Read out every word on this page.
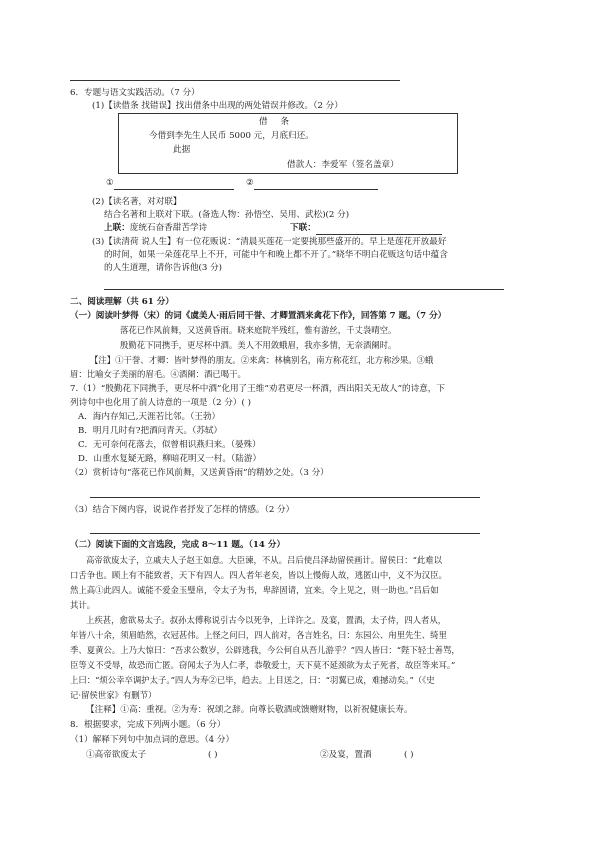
6．专题与语文实践活动。（7 分）
(1)【读借条 找错误】找出借条中出现的两处错误并修改。（2 分）
借 条
今借到李先生人民币 5000 元，月底归还。
此据
借款人：李爱军（签名盖章）
①	②
(2)【读名著，对对联】
结合名著和上联对下联。(备选人物：孙悟空、吴用、武松)(2 分)
上联：庞统石奋香甜苦学诗	下联：
(3)【读清荷 说人生】有一位花贩说：“清晨买莲花一定要挑那些盛开的。早上是莲花开放最好
的时间，如果一朵莲花早上不开，可能中午和晚上都不开了。”晓华不明白花贩这句话中蕴含
的人生道理，请你告诉他(3 分)
二、阅读理解（共 61 分）
（一）阅读叶梦得（宋）的词《虞美人·雨后同干誉、才卿置酒来禽花下作》，回答第 7 题。（7 分）
落花已作风前舞，又送黄昏雨。晓来庭院半残红，惟有游丝，千丈袅晴空。
殷勤花下同携手，更尽杯中酒。美人不用敛蛾眉，我亦多情，无奈酒阑时。
【注】①干誉、才卿：皆叶梦得的朋友。②来禽：林檎别名，南方称花红，北方称沙果。③蛾
眉：比喻女子美丽的眉毛。④酒阑：酒已喝干。
7.（1）“殷勤花下同携手，更尽杯中酒”化用了王维“劝君更尽一杯酒，西出阳关无故人”的诗意，下
列诗句中也化用了前人诗意的一项是（2 分）( )
A．海内存知己,天涯若比邻。（王勃）
B．明月几时有?把酒问青天。（苏轼）
C．无可奈何花落去，似曾相识燕归来。（晏殊）
D．山重水复疑无路，柳暗花明又一村。（陆游）
（2）赏析诗句“落花已作风前舞，又送黄昏雨”的精妙之处。（3 分）
（3）结合下阕内容，说说作者抒发了怎样的情感。（2 分）
（二）阅读下面的文言选段，完成 8～11 题。（14 分）
高帝欲废太子，立戚夫人子赵王如意。大臣谏，不从。吕后使吕泽劫留侯画计。留侯曰：“此难以
口舌争也。顾上有不能致者，天下有四人。四人者年老矣，皆以上慢侮人故，逃匿山中，义不为汉臣。
然上高①此四人。诚能不爱金玉璧帛，令太子为书，卑辞固请，宜来。令上见之，则一助也。”吕后如
其计。
上疾甚，愈欲易太子。叔孙太傅称说引古今以死争，上详许之。及宴，置酒，太子侍，四人者从，
年皆八十余，须眉皓然，衣冠甚伟。上怪之问曰，四人前对，各言姓名，曰：东园公、甪里先生、绮里
季、夏黄公。上乃大惊曰：“吾求公数岁，公辟逃我，今公何自从吾儿游乎？”四人皆曰：“陛下轻士善骂，
臣等义不受辱，故恐而亡匿。窃闻太子为人仁孝，恭敬爱士，天下莫不延颈欲为太子死者，故臣等来耳。”
上曰：“烦公幸卒调护太子。”四人为寿②已毕，趋去。上目送之，曰：“羽翼已成，难撼动矣。”（《史
记·留侯世家》有删节）
【注释】①高：重视。②为寿：祝颂之辞。向尊长敬酒或馈赠财物，以祈祝健康长寿。
8．根据要求，完成下列两小题。（6 分）
（1）解释下列句中加点词的意思。（4 分）
①高帝欲废太子	( )	②及宴，置酒	( )
